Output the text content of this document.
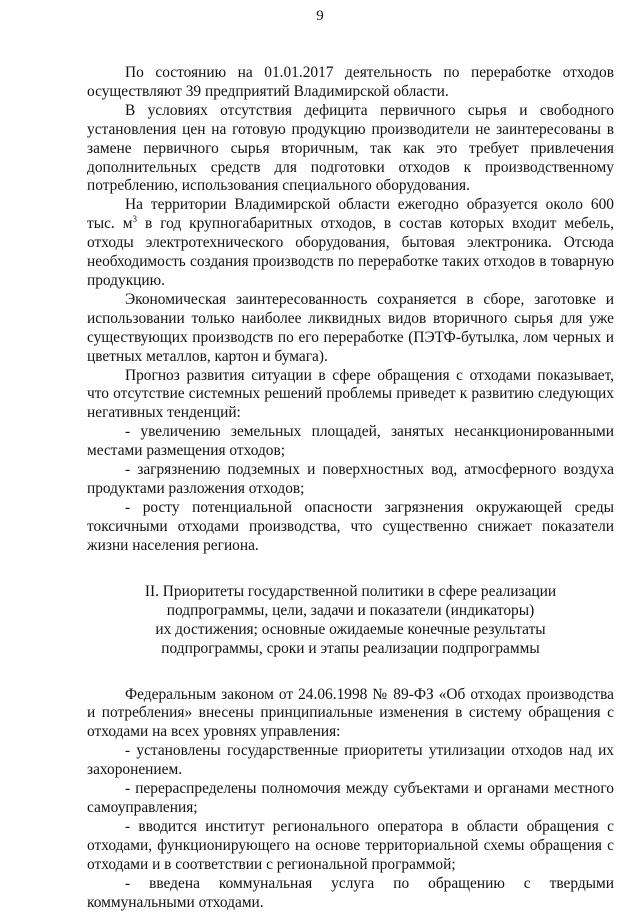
9

По состоянию на 01.01.2017 деятельность по переработке отходов осуществляют 39 предприятий Владимирской области.

В условиях отсутствия дефицита первичного сырья и свободного установления цен на готовую продукцию производители не заинтересованы в замене первичного сырья вторичным, так как это требует привлечения дополнительных средств для подготовки отходов к производственному потреблению, использования специального оборудования.

На территории Владимирской области ежегодно образуется около 600 тыс. $м^3$ в год крупногабаритных отходов, в состав которых входит мебель, отходы электротехнического оборудования, бытовая электроника. Отсюда необходимость создания производств по переработке таких отходов в товарную продукцию.

Экономическая заинтересованность сохраняется в сборе, заготовке и использовании только наиболее ликвидных видов вторичного сырья для уже существующих производств по его переработке (ПЭТФ-бутылка, лом черных и цветных металлов, картон и бумага).

Прогноз развития ситуации в сфере обращения с отходами показывает, что отсутствие системных решений проблемы приведет к развитию следующих негативных тенденций:

- увеличению земельных площадей, занятых несанкционированными местами размещения отходов;

- загрязнению подземных и поверхностных вод, атмосферного воздуха продуктами разложения отходов;

- росту потенциальной опасности загрязнения окружающей среды токсичными отходами производства, что существенно снижает показатели жизни населения региона.

II. Приоритеты государственной политики в сфере реализации
подпрограммы, цели, задачи и показатели (индикаторы)
их достижения; основные ожидаемые конечные результаты
подпрограммы, сроки и этапы реализации подпрограммы

Федеральным законом от 24.06.1998 № 89-ФЗ «Об отходах производства и потребления» внесены принципиальные изменения в систему обращения с отходами на всех уровнях управления:

- установлены государственные приоритеты утилизации отходов над их захоронением.

- перераспределены полномочия между субъектами и органами местного самоуправления;

- вводится институт регионального оператора в области обращения с отходами, функционирующего на основе территориальной схемы обращения с отходами и в соответствии с региональной программой;

- введена коммунальная услуга по обращению с твердыми коммунальными отходами.
